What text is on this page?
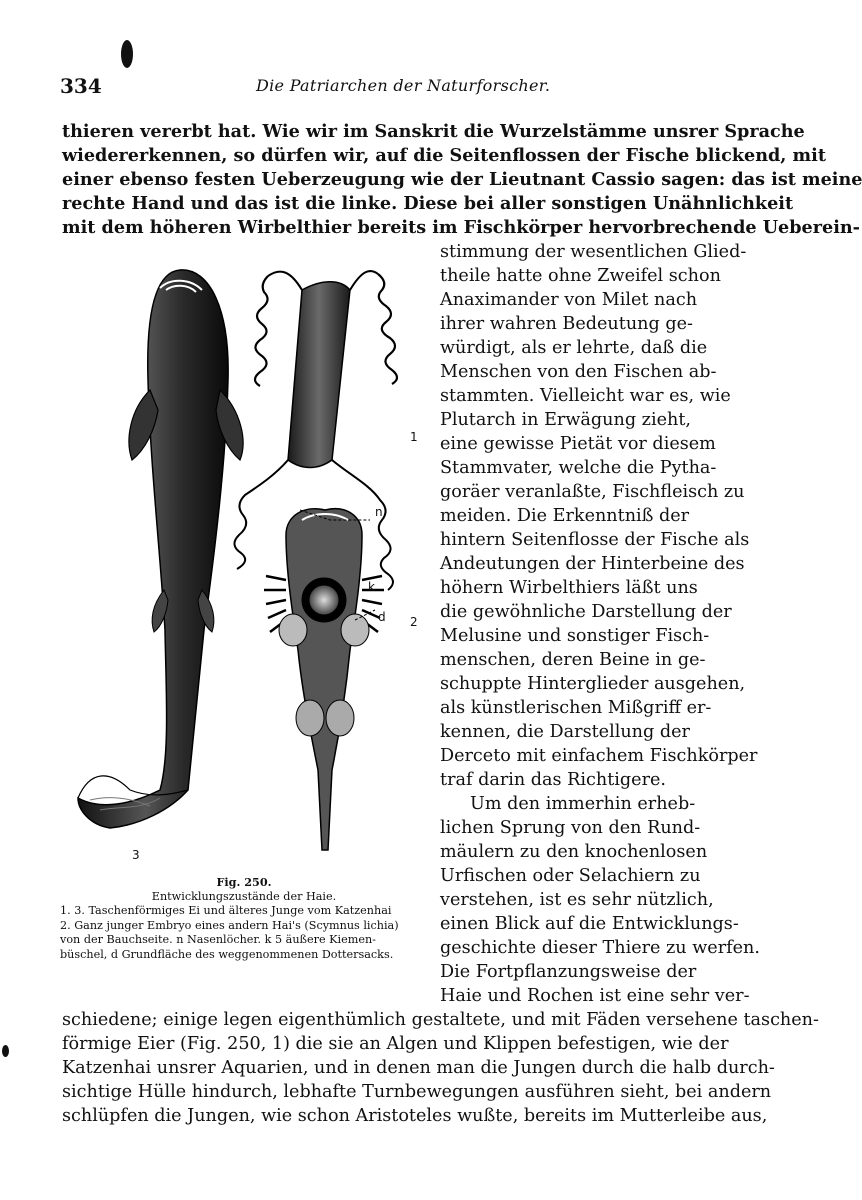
334	Die Patriarchen der Naturforscher.
thieren vererbt hat. Wie wir im Sanskrit die Wurzelstämme unsrer Sprache
wiedererkennen, so dürfen wir, auf die Seitenflossen der Fische blickend, mit
einer ebenso festen Ueberzeugung wie der Lieutnant Cassio sagen: das ist meine
rechte Hand und das ist die linke. Diese bei aller sonstigen Unähnlichkeit
mit dem höheren Wirbelthier bereits im Fischkörper hervorbrechende Ueberein-
stimmung der wesentlichen Glied-
theile hatte ohne Zweifel schon
Anaximander von Milet nach
ihrer wahren Bedeutung ge-
würdigt, als er lehrte, daß die
Menschen von den Fischen ab-
stammten. Vielleicht war es, wie
Plutarch in Erwägung zieht,
eine gewisse Pietät vor diesem
Stammvater, welche die Pytha-
goräer veranlaßte, Fischfleisch zu
meiden. Die Erkenntniß der
hintern Seitenflosse der Fische als
Andeutungen der Hinterbeine des
höhern Wirbelthiers läßt uns
die gewöhnliche Darstellung der
Melusine und sonstiger Fisch-
menschen, deren Beine in ge-
schuppte Hinterglieder ausgehen,
als künstlerischen Mißgriff er-
kennen, die Darstellung der
Derceto mit einfachem Fischkörper
traf darin das Richtigere.
Um den immerhin erheb-
lichen Sprung von den Rund-
mäulern zu den knochenlosen
Urfischen oder Selachiern zu
verstehen, ist es sehr nützlich,
einen Blick auf die Entwicklungs-
geschichte dieser Thiere zu werfen.
Die Fortpflanzungsweise der
Haie und Rochen ist eine sehr ver-
schiedene; einige legen eigenthümlich gestaltete, und mit Fäden versehene taschen-
förmige Eier (Fig. 250, 1) die sie an Algen und Klippen befestigen, wie der
Katzenhai unsrer Aquarien, und in denen man die Jungen durch die halb durch-
sichtige Hülle hindurch, lebhafte Turnbewegungen ausführen sieht, bei andern
schlüpfen die Jungen, wie schon Aristoteles wußte, bereits im Mutterleibe aus,
1
2
3
n
k
d
Fig. 250.
Entwicklungszustände der Haie.
1. 3. Taschenförmiges Ei und älteres Junge vom Katzenhai
2. Ganz junger Embryo eines andern Hai's (Scymnus lichia)
von der Bauchseite. n Nasenlöcher. k 5 äußere Kiemen-
büschel, d Grundfläche des weggenommenen Dottersacks.
